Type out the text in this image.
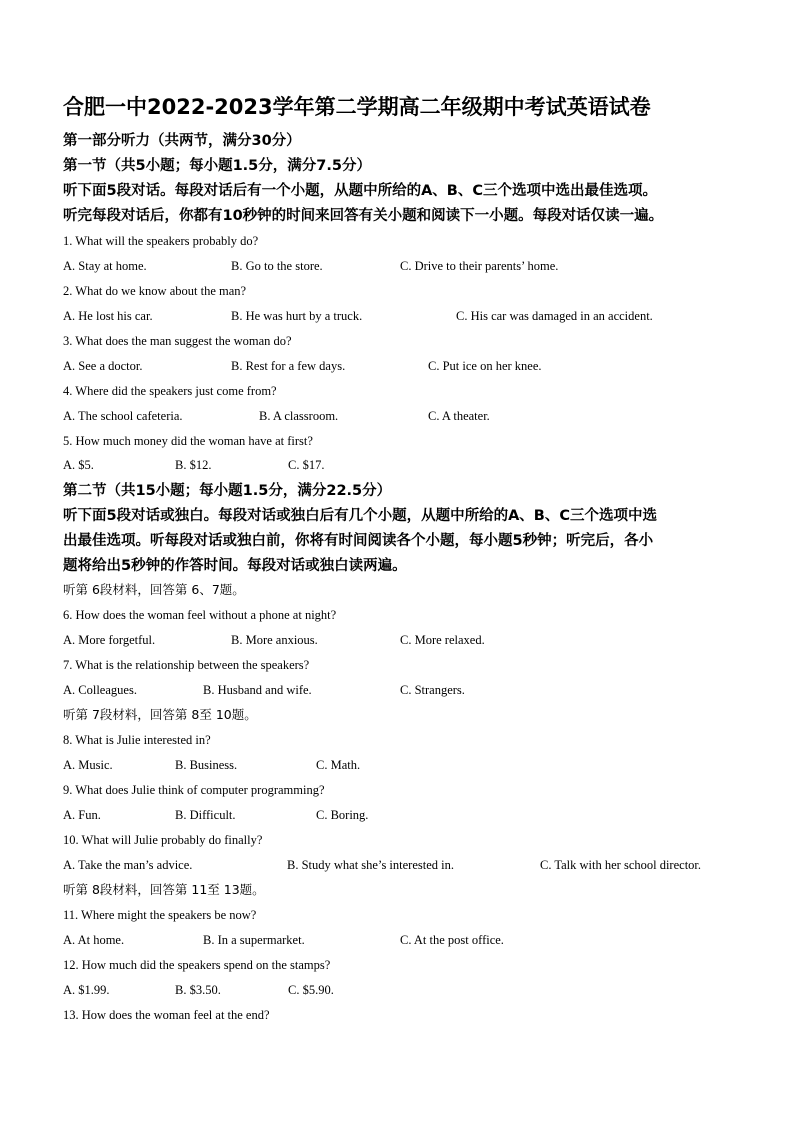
合肥一中2022-2023学年第二学期高二年级期中考试英语试卷
第一部分听力（共两节，满分30分）
第一节（共5小题；每小题1.5分，满分7.5分）
听下面5段对话。每段对话后有一个小题，从题中所给的A、B、C三个选项中选出最佳选项。
听完每段对话后，你都有10秒钟的时间来回答有关小题和阅读下一小题。每段对话仅读一遍。
1. What will the speakers probably do?
A. Stay at home.	B. Go to the store.	C. Drive to their parents’ home.
2. What do we know about the man?
A. He lost his car.	B. He was hurt by a truck.	C. His car was damaged in an accident.
3. What does the man suggest the woman do?
A. See a doctor.	B. Rest for a few days.	C. Put ice on her knee.
4. Where did the speakers just come from?
A. The school cafeteria.	B. A classroom.	C. A theater.
5. How much money did the woman have at first?
A. $5.	B. $12.	C. $17.
第二节（共15小题；每小题1.5分，满分22.5分）
听下面5段对话或独白。每段对话或独白后有几个小题，从题中所给的A、B、C三个选项中选
出最佳选项。听每段对话或独白前，你将有时间阅读各个小题，每小题5秒钟；听完后，各小
题将给出5秒钟的作答时间。每段对话或独白读两遍。
听第 6段材料，回答第 6、7题。
6. How does the woman feel without a phone at night?
A. More forgetful.	B. More anxious.	C. More relaxed.
7. What is the relationship between the speakers?
A. Colleagues.	B. Husband and wife.	C. Strangers.
听第 7段材料，回答第 8至 10题。
8. What is Julie interested in?
A. Music.	B. Business.	C. Math.
9. What does Julie think of computer programming?
A. Fun.	B. Difficult.	C. Boring.
10. What will Julie probably do finally?
A. Take the man’s advice.	B. Study what she’s interested in.	C. Talk with her school director.
听第 8段材料，回答第 11至 13题。
11. Where might the speakers be now?
A. At home.	B. In a supermarket.	C. At the post office.
12. How much did the speakers spend on the stamps?
A. $1.99.	B. $3.50.	C. $5.90.
13. How does the woman feel at the end?
